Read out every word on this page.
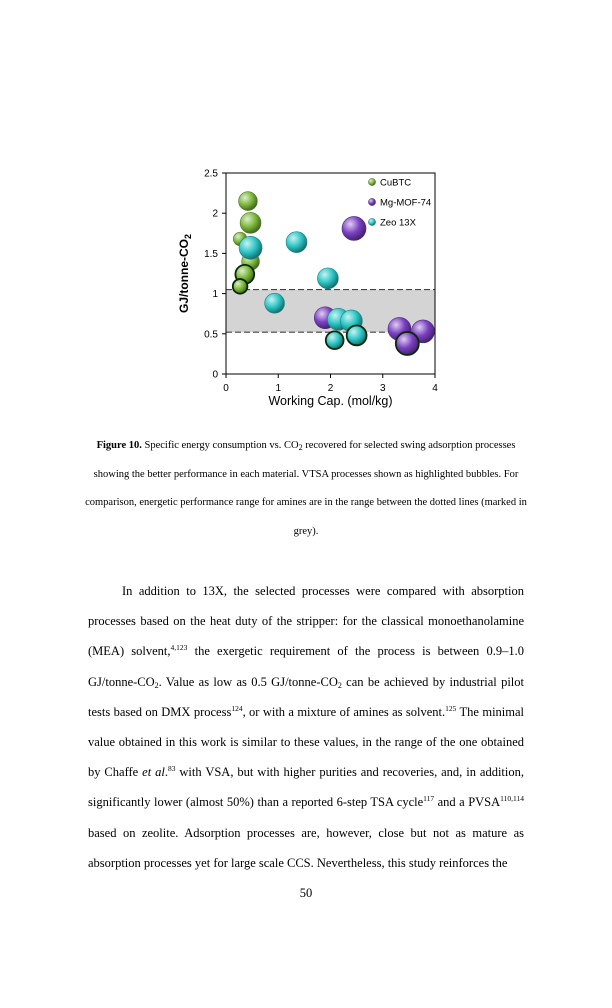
0
0.5
1
1.5
2
2.5
0	1	2	3	4
Working Cap. (mol/kg)
$GJ/tonne-CO_2$
CuBTC
Mg-MOF-74
Zeo 13X
Figure 10. Specific energy consumption vs. $CO_2$ recovered for selected swing adsorption processes showing the better performance in each material. VTSA processes shown as highlighted bubbles. For comparison, energetic performance range for amines are in the range between the dotted lines (marked in grey).

In addition to 13X, the selected processes were compared with absorption processes based on the heat duty of the stripper: for the classical monoethanolamine (MEA) solvent,$^{4,123}$ the exergetic requirement of the process is between 0.9–1.0 $GJ/tonne-CO_2$. Value as low as 0.5 $GJ/tonne-CO_2$ can be achieved by industrial pilot tests based on DMX process$^{124}$, or with a mixture of amines as solvent.$^{125}$ The minimal value obtained in this work is similar to these values, in the range of the one obtained by Chaffe et al.$^{83}$ with VSA, but with higher purities and recoveries, and, in addition, significantly lower (almost 50%) than a reported 6-step TSA cycle$^{117}$ and a PVSA$^{110,114}$ based on zeolite. Adsorption processes are, however, close but not as mature as absorption processes yet for large scale CCS. Nevertheless, this study reinforces the

50
